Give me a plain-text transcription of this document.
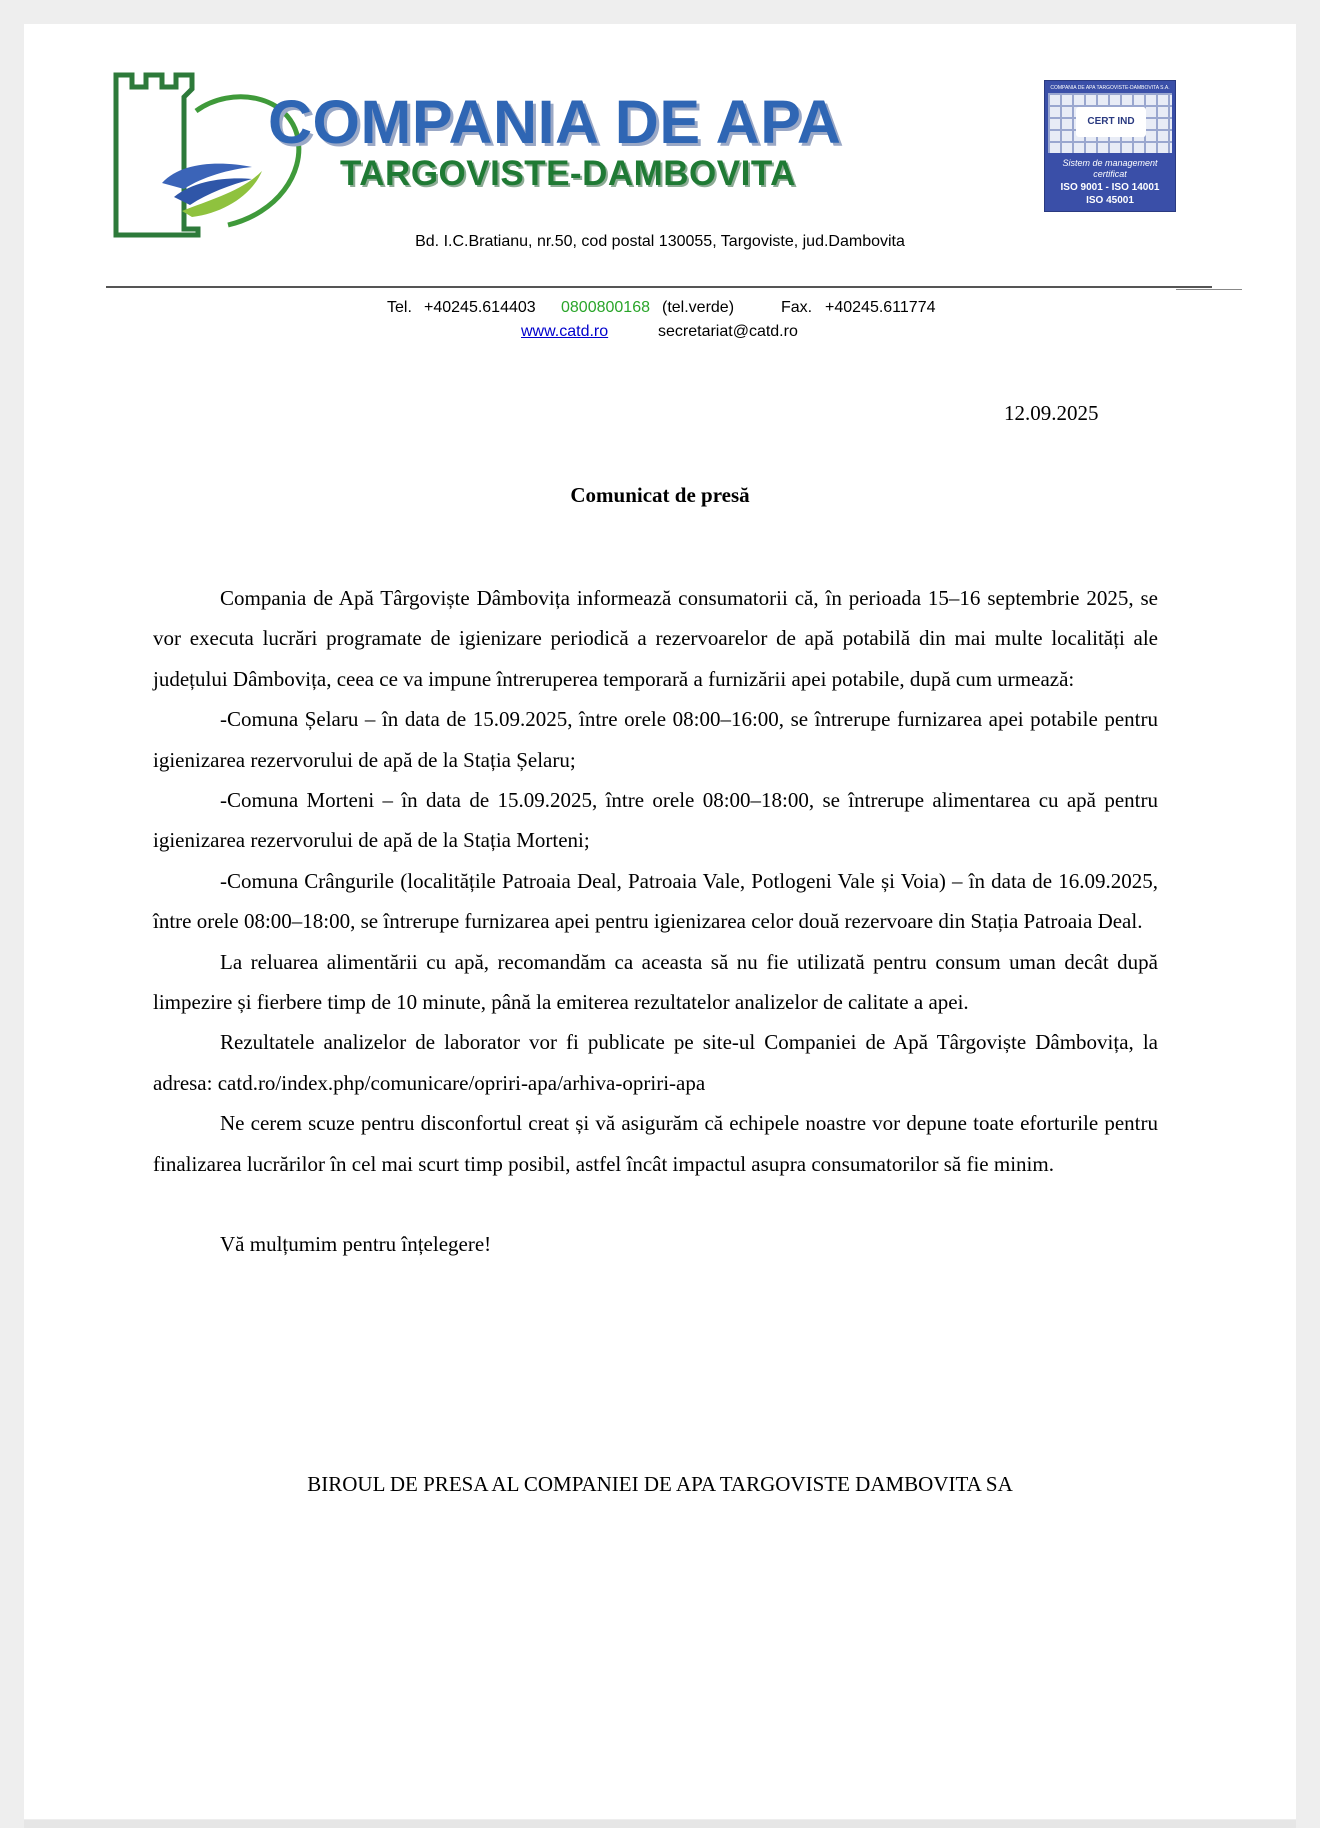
COMPANIA DE APA
TARGOVISTE-DAMBOVITA
COMPANIA DE APA TARGOVISTE-DAMBOVITA S.A.
CERT IND
Sistem de management
certificat
ISO 9001 - ISO 14001
ISO 45001
Bd. I.C.Bratianu, nr.50, cod postal 130055, Targoviste, jud.Dambovita
Tel. +40245.614403 0800800168 (tel.verde)	Fax. +40245.611774
www.catd.ro	secretariat@catd.ro
12.09.2025
Comunicat de presă

Compania de Apă Târgoviște Dâmbovița informează consumatorii că, în perioada 15–16 septembrie 2025, se vor executa lucrări programate de igienizare periodică a rezervoarelor de apă potabilă din mai multe localități ale județului Dâmbovița, ceea ce va impune întreruperea temporară a furnizării apei potabile, după cum urmează:

-Comuna Șelaru – în data de 15.09.2025, între orele 08:00–16:00, se întrerupe furnizarea apei potabile pentru igienizarea rezervorului de apă de la Stația Șelaru;

-Comuna Morteni – în data de 15.09.2025, între orele 08:00–18:00, se întrerupe alimentarea cu apă pentru igienizarea rezervorului de apă de la Stația Morteni;

-Comuna Crângurile (localitățile Patroaia Deal, Patroaia Vale, Potlogeni Vale și Voia) – în data de 16.09.2025, între orele 08:00–18:00, se întrerupe furnizarea apei pentru igienizarea celor două rezervoare din Stația Patroaia Deal.

La reluarea alimentării cu apă, recomandăm ca aceasta să nu fie utilizată pentru consum uman decât după limpezire și fierbere timp de 10 minute, până la emiterea rezultatelor analizelor de calitate a apei.

Rezultatele analizelor de laborator vor fi publicate pe site-ul Companiei de Apă Târgoviște Dâmbovița, la adresa: catd.ro/index.php/comunicare/opriri-apa/arhiva-opriri-apa

Ne cerem scuze pentru disconfortul creat și vă asigurăm că echipele noastre vor depune toate eforturile pentru finalizarea lucrărilor în cel mai scurt timp posibil, astfel încât impactul asupra consumatorilor să fie minim.

Vă mulțumim pentru înțelegere!

BIROUL DE PRESA AL COMPANIEI DE APA TARGOVISTE DAMBOVITA SA
